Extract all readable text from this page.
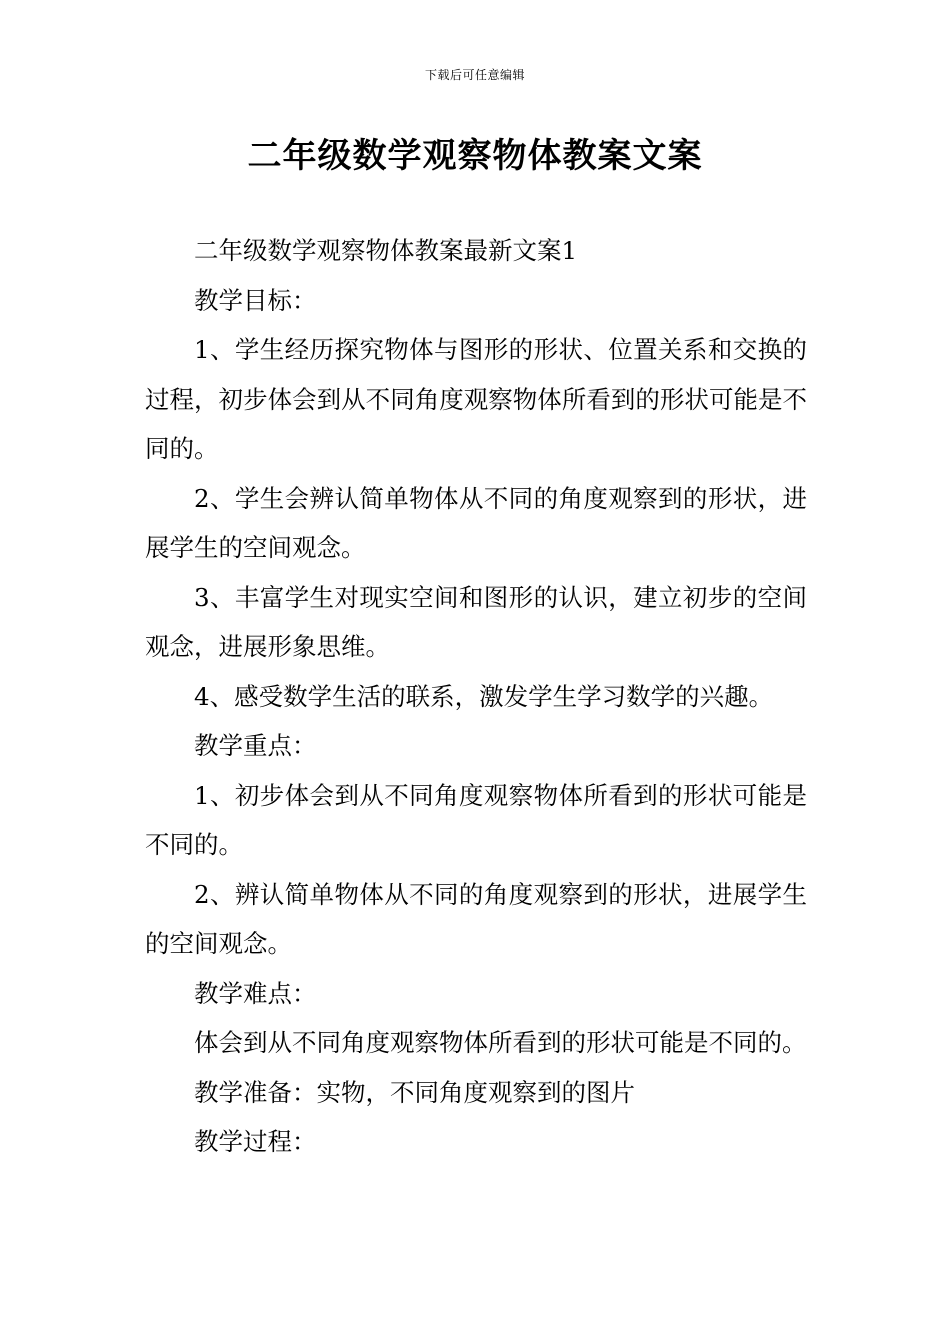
下载后可任意编辑
二年级数学观察物体教案文案

二年级数学观察物体教案最新文案1

教学目标：

1、学生经历探究物体与图形的形状、位置关系和交换的过程，初步体会到从不同角度观察物体所看到的形状可能是不同的。

2、学生会辨认简单物体从不同的角度观察到的形状，进展学生的空间观念。

3、丰富学生对现实空间和图形的认识，建立初步的空间观念，进展形象思维。

4、感受数学生活的联系，激发学生学习数学的兴趣。

教学重点：

1、初步体会到从不同角度观察物体所看到的形状可能是不同的。

2、辨认简单物体从不同的角度观察到的形状，进展学生的空间观念。

教学难点：

体会到从不同角度观察物体所看到的形状可能是不同的。

教学准备：实物，不同角度观察到的图片

教学过程：
